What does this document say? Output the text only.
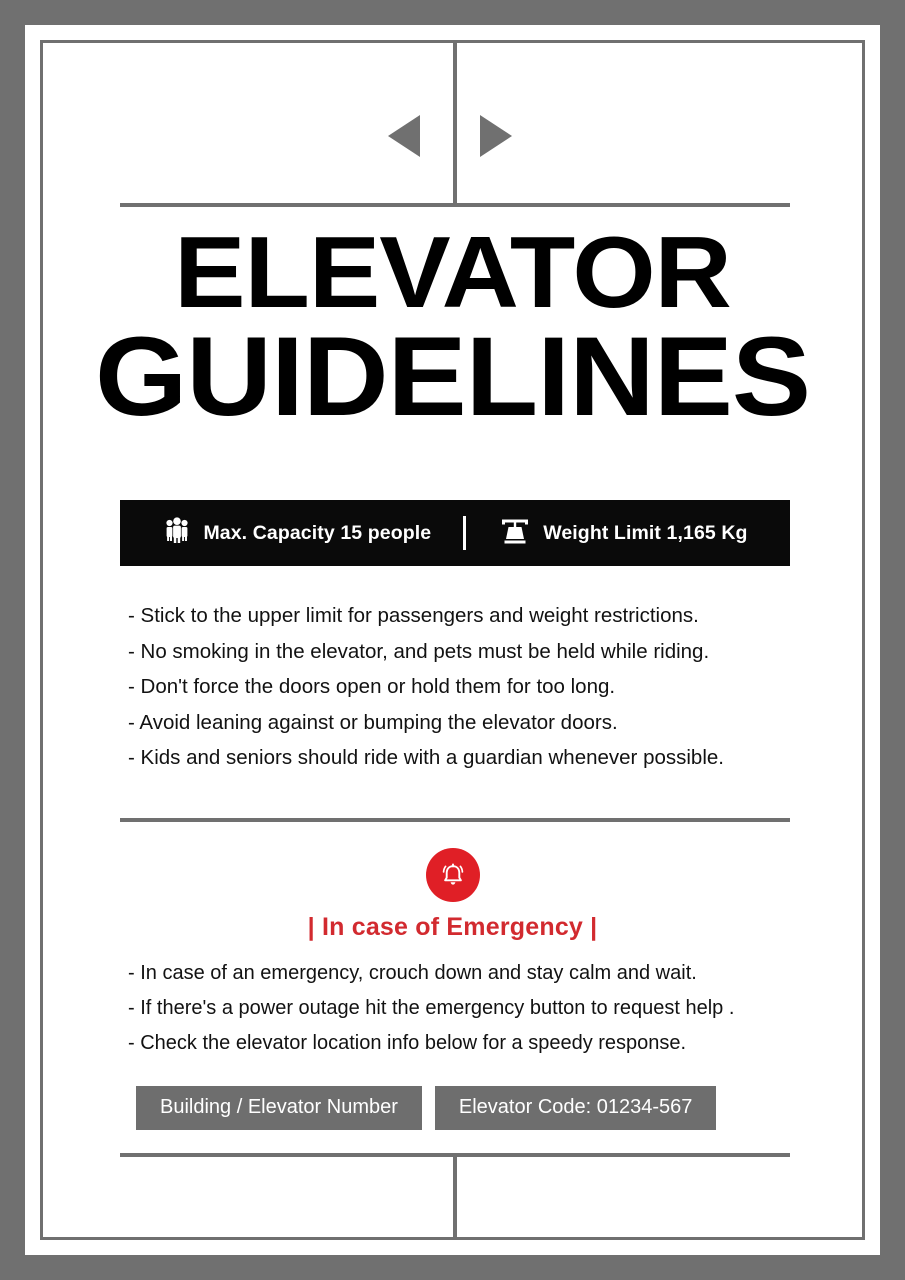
ELEVATOR
GUIDELINES
Max. Capacity 15 people	Weight Limit 1,165 Kg
- Stick to the upper limit for passengers and weight restrictions.
- No smoking in the elevator, and pets must be held while riding.
- Don't force the doors open or hold them for too long.
- Avoid leaning against or bumping the elevator doors.
- Kids and seniors should ride with a guardian whenever possible.
| In case of Emergency |
- In case of an emergency, crouch down and stay calm and wait.
- If there's a power outage hit the emergency button to request help .
- Check the elevator location info below for a speedy response.
Building / Elevator Number	Elevator Code: 01234-567
